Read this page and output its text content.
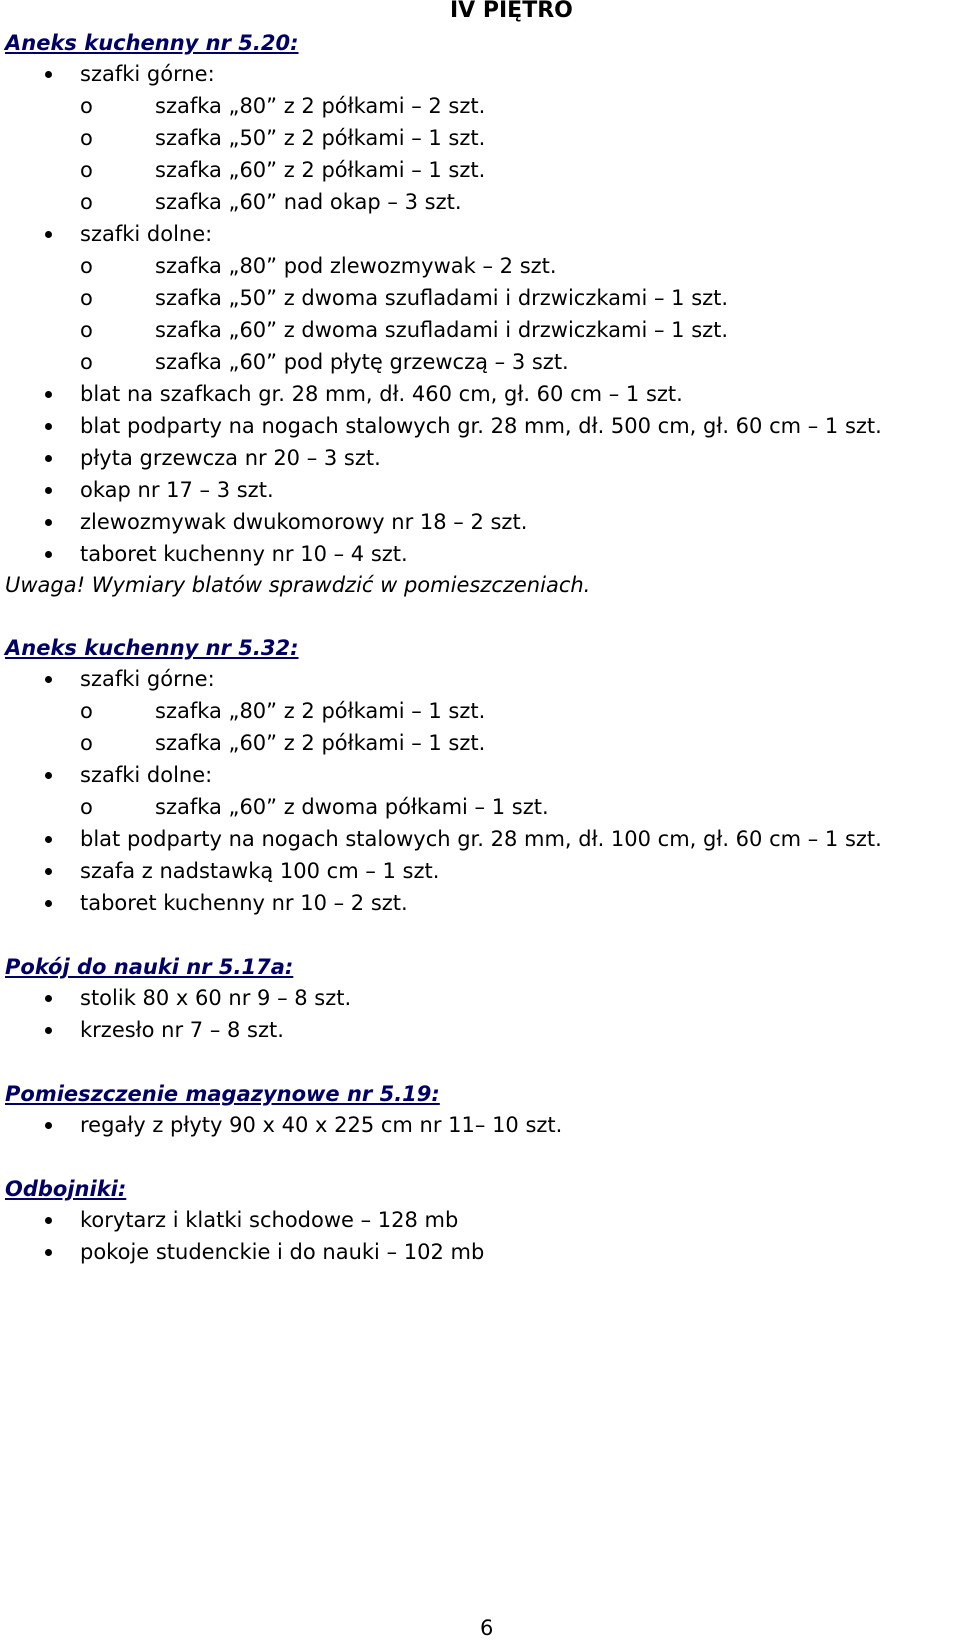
IV PIĘTRO
Aneks kuchenny nr 5.20:
szafki górne:
o	szafka „80” z 2 półkami – 2 szt.
o	szafka „50” z 2 półkami – 1 szt.
o	szafka „60” z 2 półkami – 1 szt.
o	szafka „60” nad okap – 3 szt.
szafki dolne:
o	szafka „80” pod zlewozmywak – 2 szt.
o	szafka „50” z dwoma szufladami i drzwiczkami – 1 szt.
o	szafka „60” z dwoma szufladami i drzwiczkami – 1 szt.
o	szafka „60” pod płytę grzewczą – 3 szt.
blat na szafkach gr. 28 mm, dł. 460 cm, gł. 60 cm – 1 szt.
blat podparty na nogach stalowych gr. 28 mm, dł. 500 cm, gł. 60 cm – 1 szt.
płyta grzewcza nr 20 – 3 szt.
okap nr 17 – 3 szt.
zlewozmywak dwukomorowy nr 18 – 2 szt.
taboret kuchenny nr 10 – 4 szt.
Uwaga! Wymiary blatów sprawdzić w pomieszczeniach.
Aneks kuchenny nr 5.32:
szafki górne:
o	szafka „80” z 2 półkami – 1 szt.
o	szafka „60” z 2 półkami – 1 szt.
szafki dolne:
o	szafka „60” z dwoma półkami – 1 szt.
blat podparty na nogach stalowych gr. 28 mm, dł. 100 cm, gł. 60 cm – 1 szt.
szafa z nadstawką 100 cm – 1 szt.
taboret kuchenny nr 10 – 2 szt.
Pokój do nauki nr 5.17a:
stolik 80 x 60 nr 9 – 8 szt.
krzesło nr 7 – 8 szt.
Pomieszczenie magazynowe nr 5.19:
regały z płyty 90 x 40 x 225 cm nr 11– 10 szt.
Odbojniki:
korytarz i klatki schodowe – 128 mb
pokoje studenckie i do nauki – 102 mb
6
